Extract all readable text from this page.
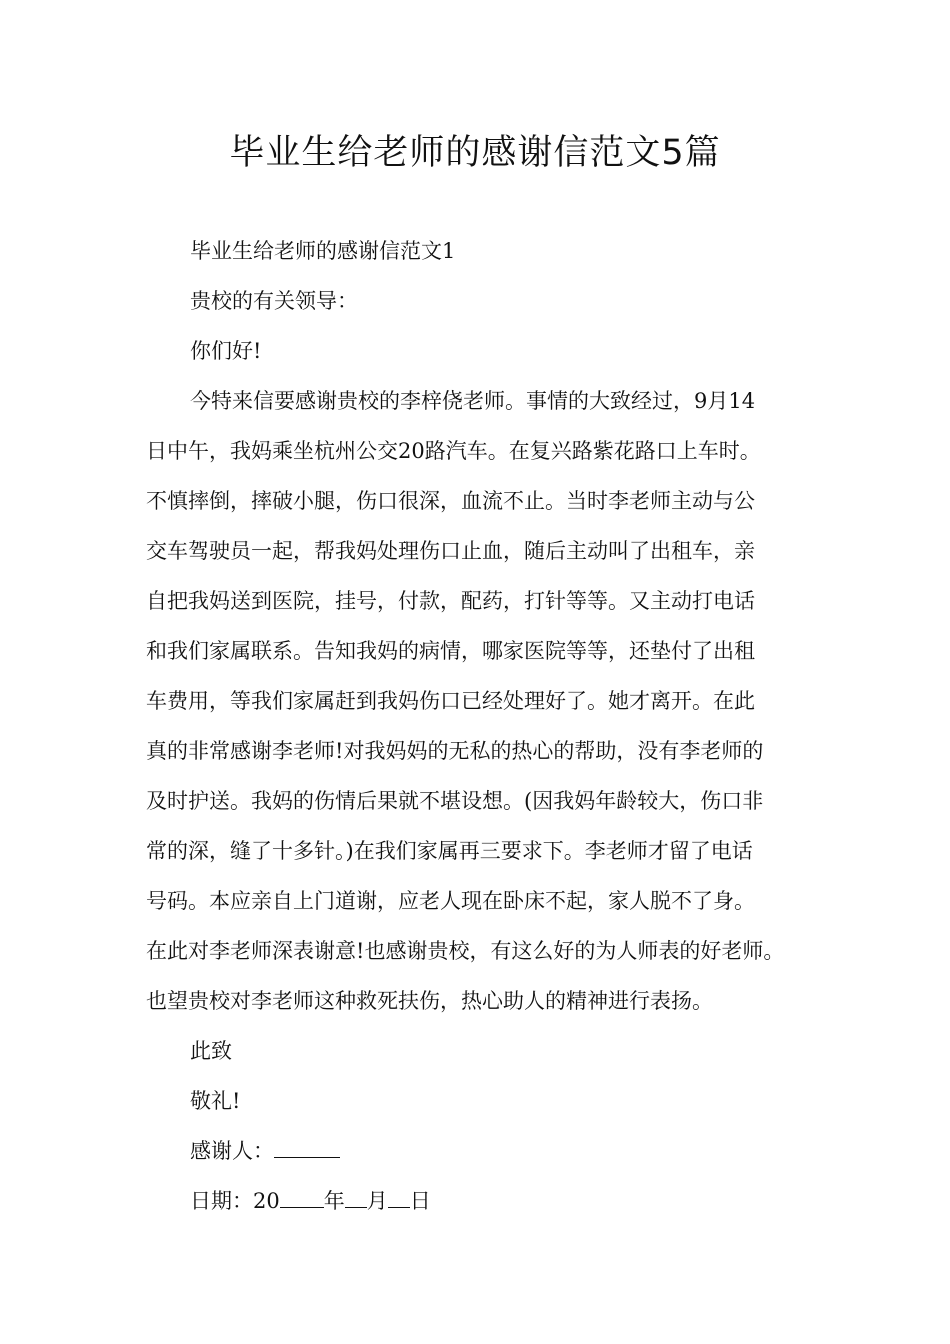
毕业生给老师的感谢信范文5篇

毕业生给老师的感谢信范文1

贵校的有关领导：

你们好!

今特来信要感谢贵校的李梓侥老师。事情的大致经过，9月14

日中午，我妈乘坐杭州公交20路汽车。在复兴路紫花路口上车时。

不慎摔倒，摔破小腿，伤口很深，血流不止。当时李老师主动与公

交车驾驶员一起，帮我妈处理伤口止血，随后主动叫了出租车，亲

自把我妈送到医院，挂号，付款，配药，打针等等。又主动打电话

和我们家属联系。告知我妈的病情，哪家医院等等，还垫付了出租

车费用，等我们家属赶到我妈伤口已经处理好了。她才离开。在此

真的非常感谢李老师!对我妈妈的无私的热心的帮助，没有李老师的

及时护送。我妈的伤情后果就不堪设想。(因我妈年龄较大，伤口非

常的深，缝了十多针。)在我们家属再三要求下。李老师才留了电话

号码。本应亲自上门道谢，应老人现在卧床不起，家人脱不了身。

在此对李老师深表谢意!也感谢贵校，有这么好的为人师表的好老师。

也望贵校对李老师这种救死扶伤，热心助人的精神进行表扬。

此致

敬礼!

感谢人：

日期：20 年 月 日
